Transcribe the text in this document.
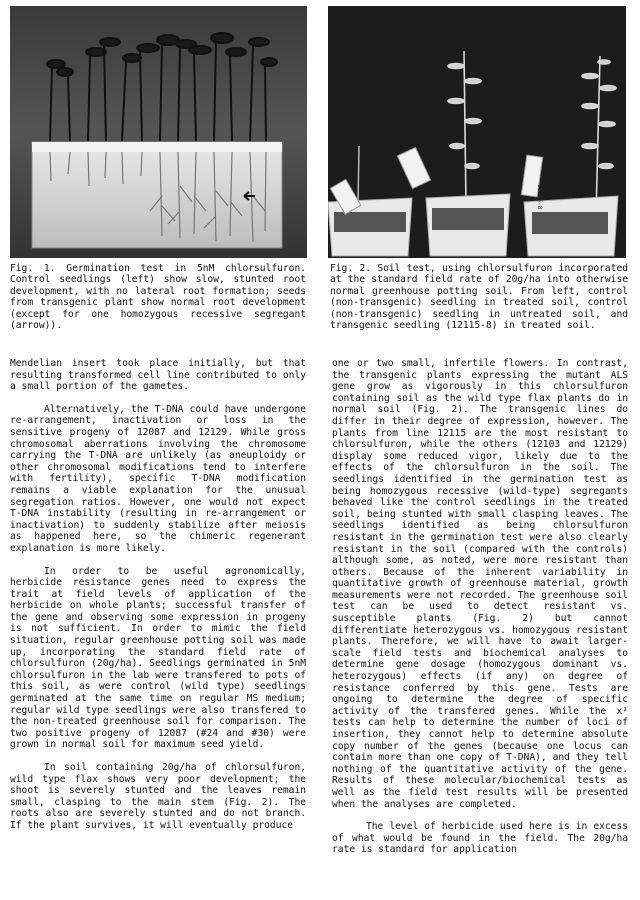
12115-8

Fig. 1. Germination test in 5nM chlorsulfuron. Control seedlings (left) show slow, stunted root development, with no lateral root formation; seeds from transgenic plant show normal root development (except for one homozygous recessive segregant (arrow)).

Fig. 2. Soil test, using chlorsulfuron incorporated at the standard field rate of 20g/ha into otherwise normal greenhouse potting soil. From left, control (non-transgenic) seedling in treated soil, control (non-transgenic) seedling in untreated soil, and transgenic seedling (12115-8) in treated soil.

Mendelian insert took place initially, but that resulting transformed cell line contributed to only a small portion of the gametes.

Alternatively, the T-DNA could have undergone re-arrangement, inactivation or loss in the sensitive progeny of 12087 and 12129. While gross chromosomal aberrations involving the chromosome carrying the T-DNA are unlikely (as aneuploidy or other chromosomal modifications tend to interfere with fertility), specific T-DNA modification remains a viable explanation for the unusual segregation ratios. However, one would not expect T-DNA instability (resulting in re-arrangement or inactivation) to suddenly stabilize after meiosis as happened here, so the chimeric regenerant explanation is more likely.

In order to be useful agronomically, herbicide resistance genes need to express the trait at field levels of application of the herbicide on whole plants; successful transfer of the gene and observing some expression in progeny is not sufficient. In order to mimic the field situation, regular greenhouse potting soil was made up, incorporating the standard field rate of chlorsulfuron (20g/ha). Seedlings germinated in 5nM chlorsulfuron in the lab were transfered to pots of this soil, as were control (wild type) seedlings germinated at the same time on regular MS medium; regular wild type seedlings were also transfered to the non-treated greenhouse soil for comparison. The two positive progeny of 12087 (#24 and #30) were grown in normal soil for maximum seed yield.

In soil containing 20g/ha of chlorsulfuron, wild type flax shows very poor development; the shoot is severely stunted and the leaves remain small, clasping to the main stem (Fig. 2). The roots also are severely stunted and do not branch. If the plant survives, it will eventually produce

one or two small, infertile flowers. In contrast, the transgenic plants expressing the mutant ALS gene grow as vigorously in this chlorsulfuron containing soil as the wild type flax plants do in normal soil (Fig. 2). The transgenic lines do differ in their degree of expression, however. The plants from line 12115 are the most resistant to chlorsulfuron, while the others (12103 and 12129) display some reduced vigor, likely due to the effects of the chlorsulfuron in the soil. The seedlings identified in the germination test as being homozygous recessive (wild-type) segregants behaved like the control seedlings in the treated soil, being stunted with small clasping leaves. The seedlings identified as being chlorsulfuron resistant in the germination test were also clearly resistant in the soil (compared with the controls) although some, as noted, were more resistant than others. Because of the inherent variability in quantitative growth of greenhouse material, growth measurements were not recorded. The greenhouse soil test can be used to detect resistant vs. susceptible plants (Fig. 2) but cannot differentiate heterozygous vs. homozygous resistant plants. Therefore, we will have to await larger-scale field tests and biochemical analyses to determine gene dosage (homozygous dominant vs. heterozygous) effects (if any) on degree of resistance conferred by this gene. Tests are ongoing to determine the degree of specific activity of the transfered genes. While the x² tests can help to determine the number of loci of insertion, they cannot help to determine absolute copy number of the genes (because one locus can contain more than one copy of T-DNA), and they tell nothing of the quantitative activity of the gene. Results of these molecular/biochemical tests as well as the field test results will be presented when the analyses are completed.

The level of herbicide used here is in excess of what would be found in the field. The 20g/ha rate is standard for application
